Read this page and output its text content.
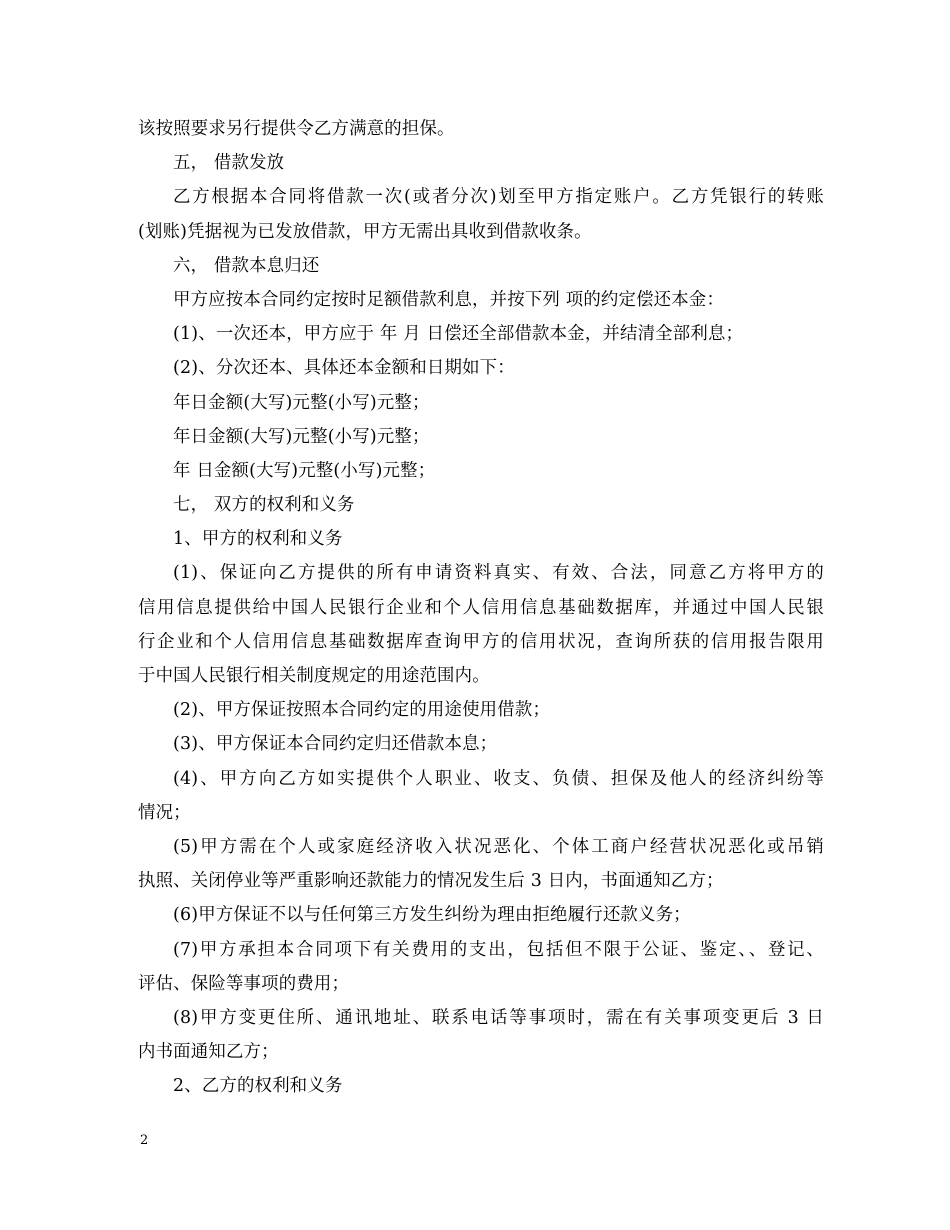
该按照要求另行提供令乙方满意的担保。
五， 借款发放
乙方根据本合同将借款一次(或者分次)划至甲方指定账户。乙方凭银行的转账
(划账)凭据视为已发放借款，甲方无需出具收到借款收条。
六， 借款本息归还
甲方应按本合同约定按时足额借款利息，并按下列 项的约定偿还本金：
(1)、一次还本，甲方应于 年 月 日偿还全部借款本金，并结清全部利息；
(2)、分次还本、具体还本金额和日期如下：
年日金额(大写)元整(小写)元整；
年日金额(大写)元整(小写)元整；
年 日金额(大写)元整(小写)元整；
七， 双方的权利和义务
1、甲方的权利和义务
(1)、保证向乙方提供的所有申请资料真实、有效、合法，同意乙方将甲方的
信用信息提供给中国人民银行企业和个人信用信息基础数据库，并通过中国人民银
行企业和个人信用信息基础数据库查询甲方的信用状况，查询所获的信用报告限用
于中国人民银行相关制度规定的用途范围内。
(2)、甲方保证按照本合同约定的用途使用借款；
(3)、甲方保证本合同约定归还借款本息；
(4)、甲方向乙方如实提供个人职业、收支、负债、担保及他人的经济纠纷等
情况；
(5)甲方需在个人或家庭经济收入状况恶化、个体工商户经营状况恶化或吊销
执照、关闭停业等严重影响还款能力的情况发生后 3 日内，书面通知乙方；
(6)甲方保证不以与任何第三方发生纠纷为理由拒绝履行还款义务；
(7)甲方承担本合同项下有关费用的支出，包括但不限于公证、鉴定、、登记、
评估、保险等事项的费用；
(8)甲方变更住所、通讯地址、联系电话等事项时，需在有关事项变更后 3 日
内书面通知乙方；
2、乙方的权利和义务
2
